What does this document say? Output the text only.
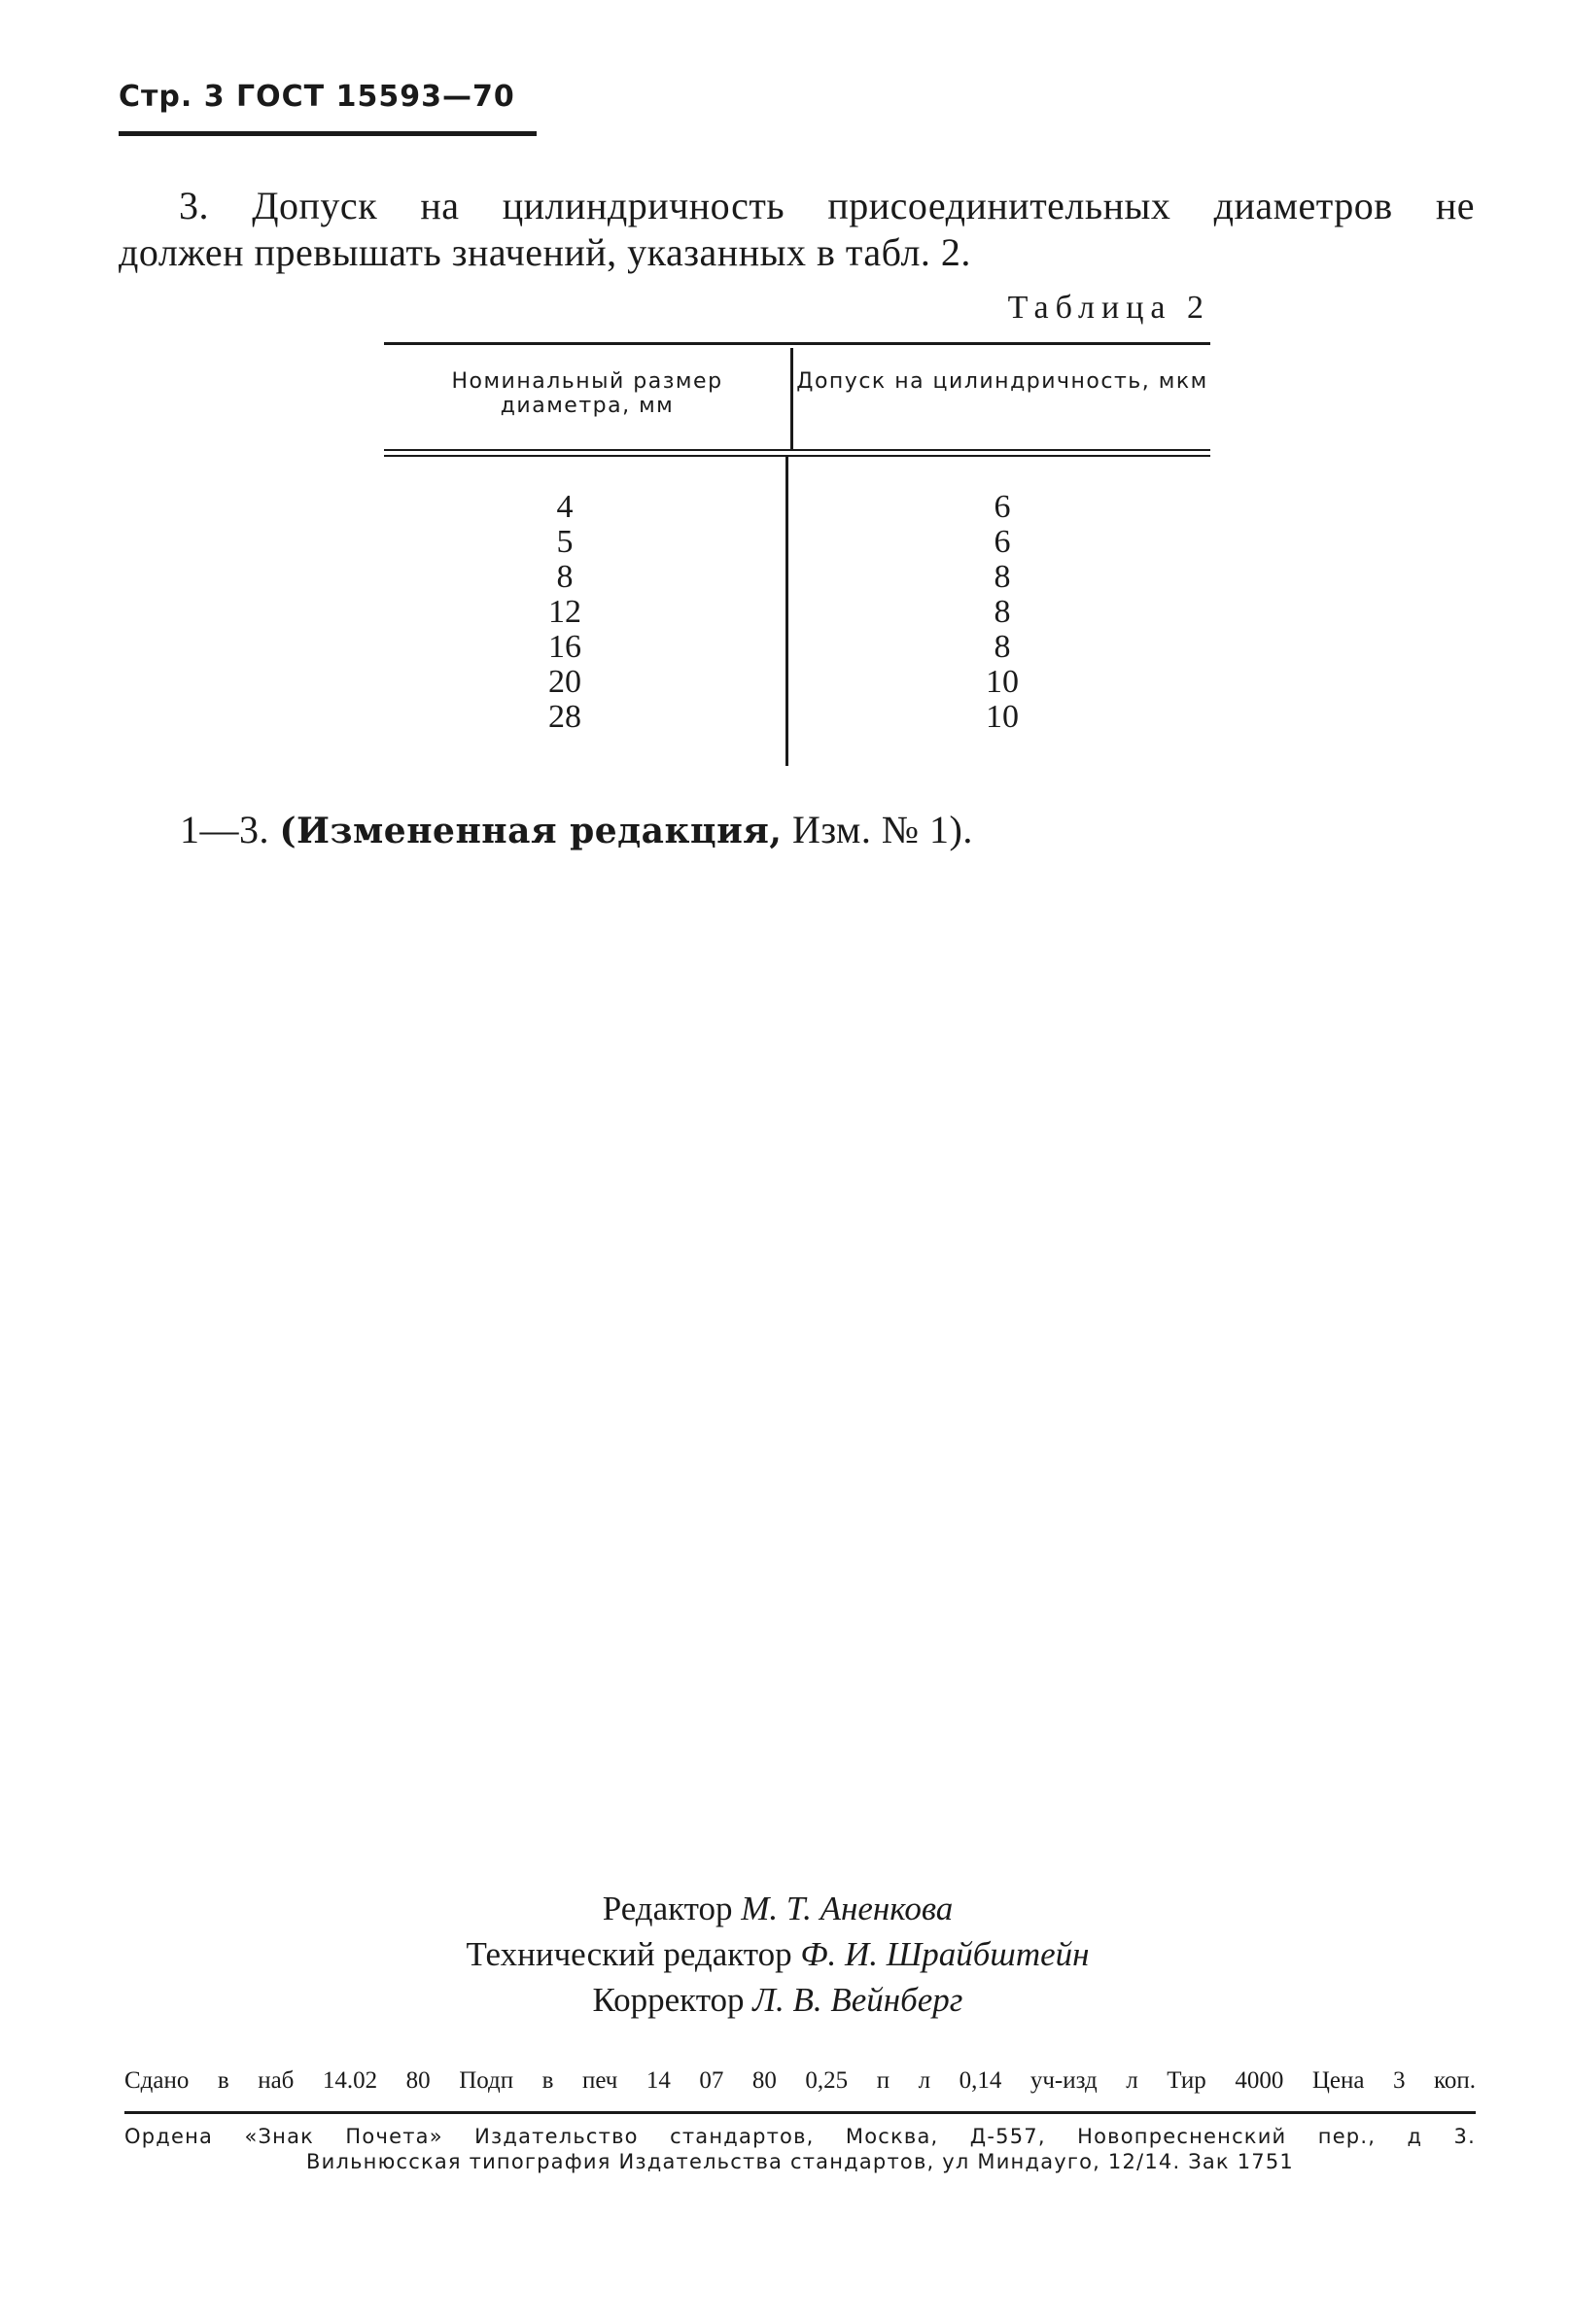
Стр. 3 ГОСТ 15593—70
3. Допуск на цилиндричность присоединительных диаметров не
должен превышать значений, указанных в табл. 2.
Таблица 2
Номинальный размер диаметра, мм
Допуск на цилиндричность, мкм
4
5
8
12
16
20
28
6
6
8
8
8
10
10
1—3. (Измененная редакция, Изм. № 1).
Редактор М. Т. Аненкова
Технический редактор Ф. И. Шрайбштейн
Корректор Л. В. Вейнберг
Сдано в наб 14.02 80 Подп в печ 14 07 80 0,25 п л 0,14 уч-изд л Тир 4000 Цена 3 коп.
Ордена «Знак Почета» Издательство стандартов, Москва, Д-557, Новопресненский пер., д 3.
Вильнюсская типография Издательства стандартов, ул Миндауго, 12/14. Зак 1751
